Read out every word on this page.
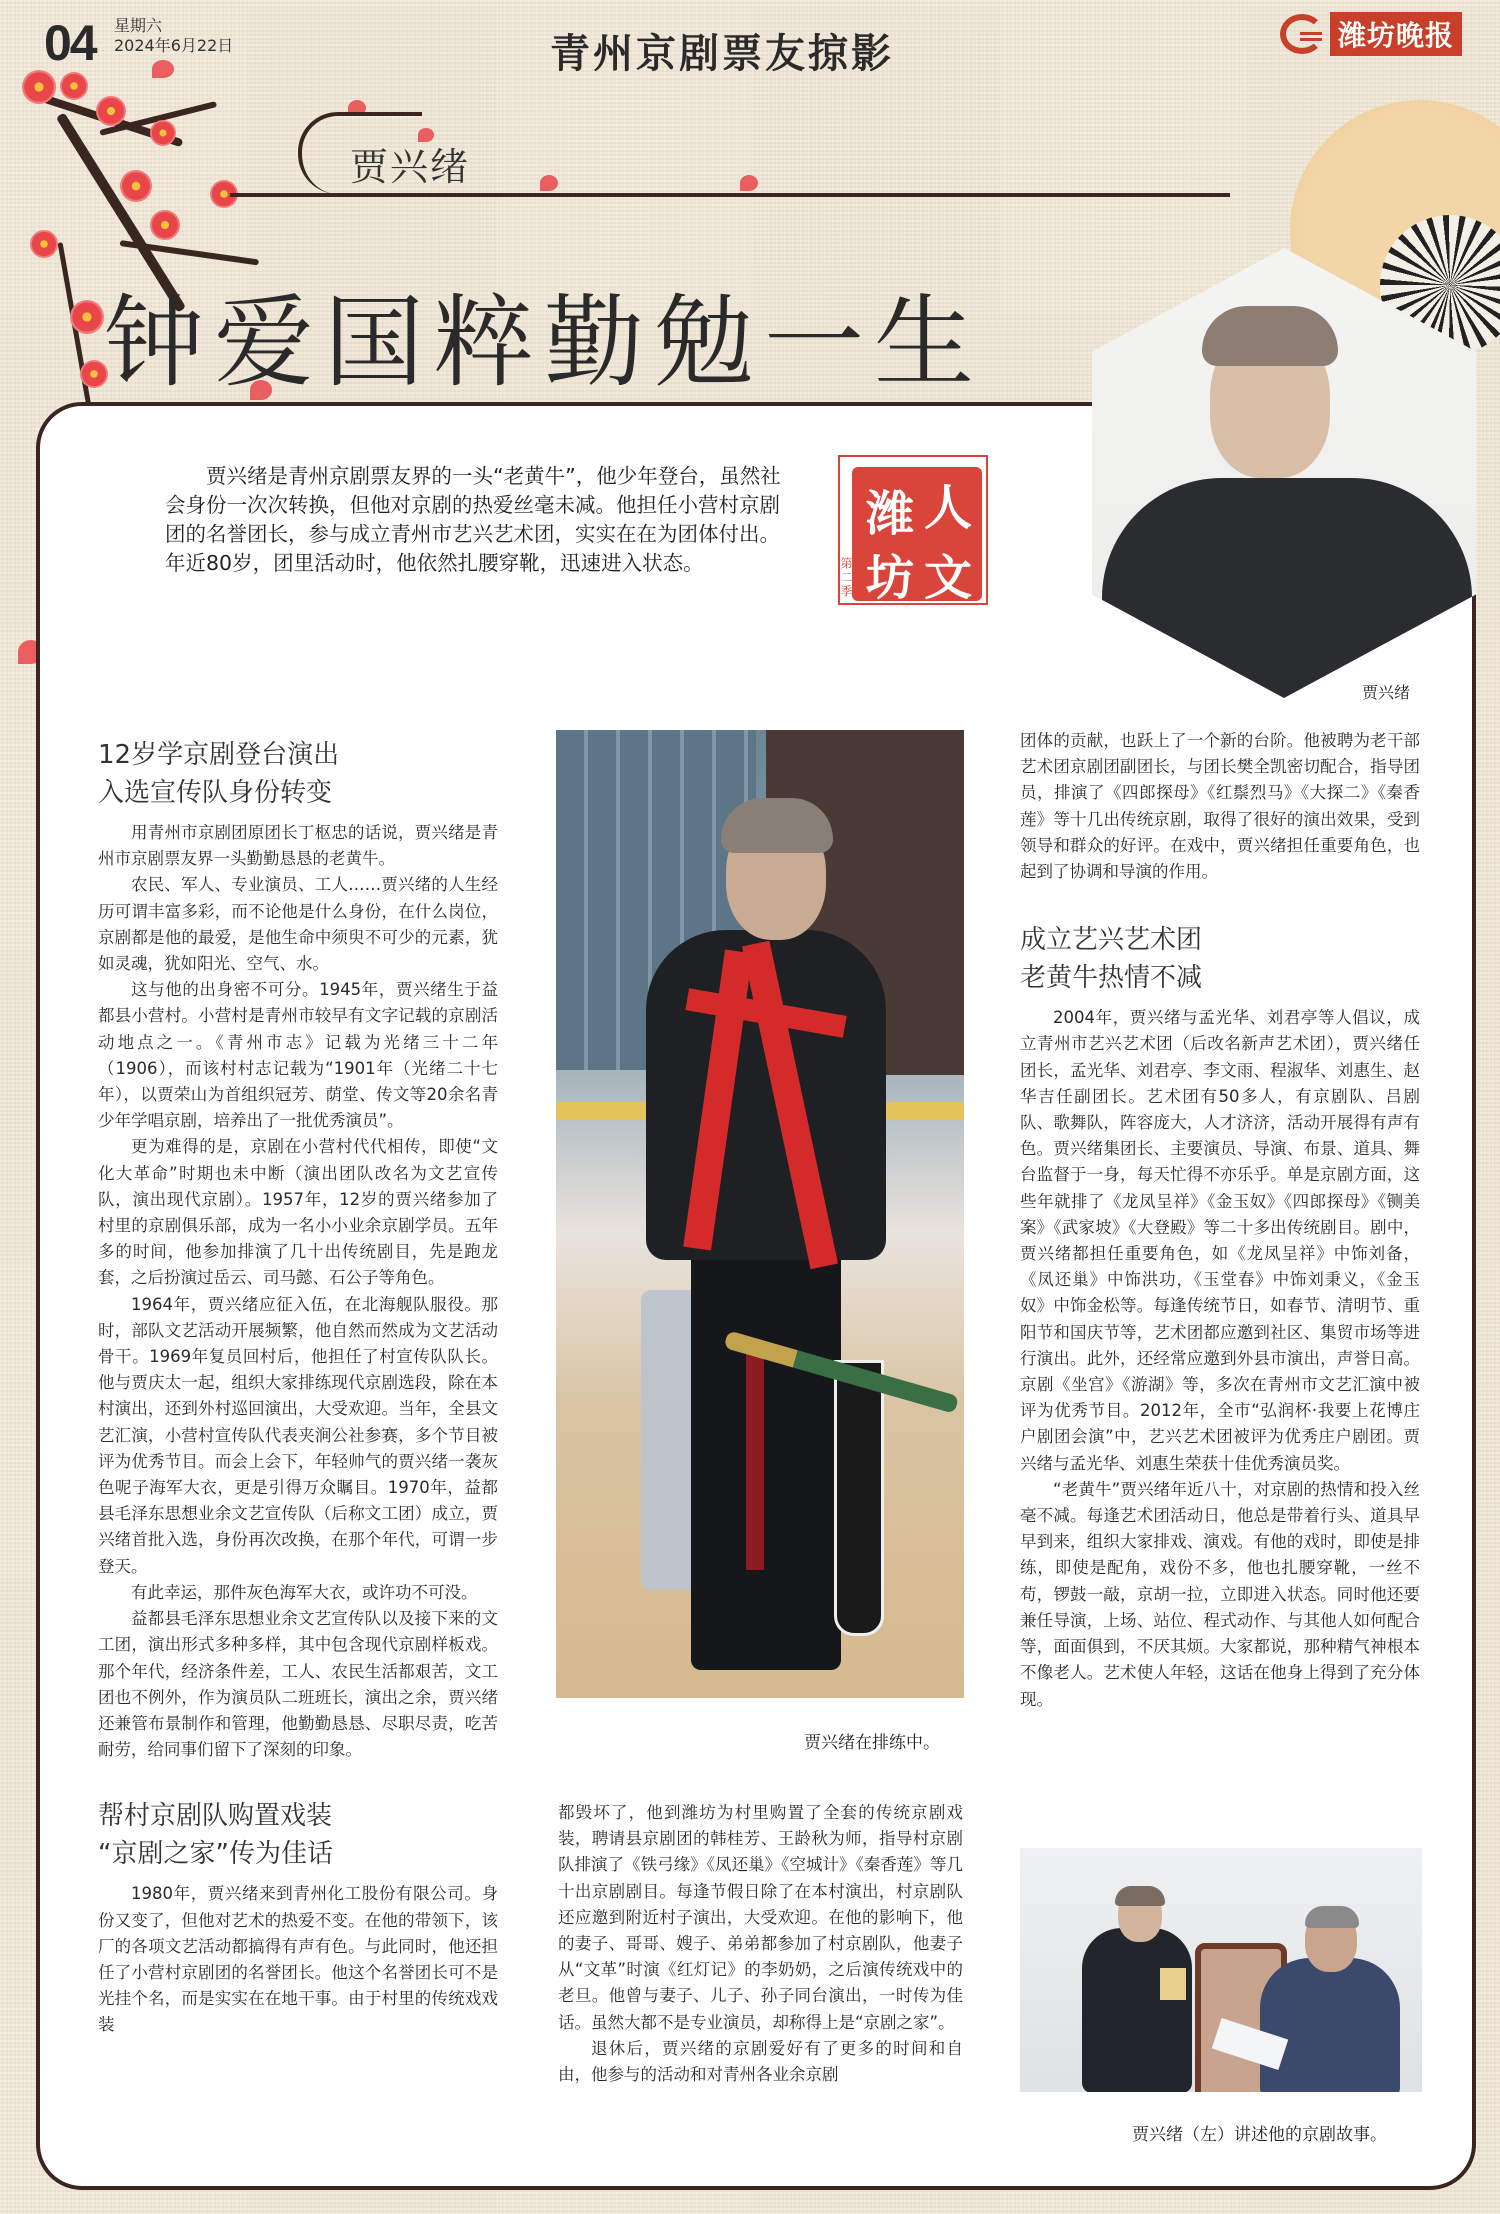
04 星期六
2024年6月22日	青州京剧票友掠影	潍坊晚报
贾兴绪
钟爱国粹勤勉一生
贾兴绪是青州京剧票友界的一头“老黄牛”，他少年登台，虽然社会身份一次次转换，但他对京剧的热爱丝毫未减。他担任小营村京剧团的名誉团长，参与成立青州市艺兴艺术团，实实在在为团体付出。年近80岁，团里活动时，他依然扎腰穿靴，迅速进入状态。
潍 人
坊 文
第二季
贾兴绪
12岁学京剧登台演出
入选宣传队身份转变

用青州市京剧团原团长丁枢忠的话说，贾兴绪是青州市京剧票友界一头勤勤恳恳的老黄牛。

农民、军人、专业演员、工人……贾兴绪的人生经历可谓丰富多彩，而不论他是什么身份，在什么岗位，京剧都是他的最爱，是他生命中须臾不可少的元素，犹如灵魂，犹如阳光、空气、水。

这与他的出身密不可分。1945年，贾兴绪生于益都县小营村。小营村是青州市较早有文字记载的京剧活动地点之一。《青州市志》记载为光绪三十二年（1906），而该村村志记载为“1901年（光绪二十七年），以贾荣山为首组织冠芳、荫堂、传文等20余名青少年学唱京剧，培养出了一批优秀演员”。

更为难得的是，京剧在小营村代代相传，即使“文化大革命”时期也未中断（演出团队改名为文艺宣传队，演出现代京剧）。1957年，12岁的贾兴绪参加了村里的京剧俱乐部，成为一名小小业余京剧学员。五年多的时间，他参加排演了几十出传统剧目，先是跑龙套，之后扮演过岳云、司马懿、石公子等角色。

1964年，贾兴绪应征入伍，在北海舰队服役。那时，部队文艺活动开展频繁，他自然而然成为文艺活动骨干。1969年复员回村后，他担任了村宣传队队长。他与贾庆太一起，组织大家排练现代京剧选段，除在本村演出，还到外村巡回演出，大受欢迎。当年，全县文艺汇演，小营村宣传队代表夹涧公社参赛，多个节目被评为优秀节目。而会上会下，年轻帅气的贾兴绪一袭灰色呢子海军大衣，更是引得万众瞩目。1970年，益都县毛泽东思想业余文艺宣传队（后称文工团）成立，贾兴绪首批入选，身份再次改换，在那个年代，可谓一步登天。

有此幸运，那件灰色海军大衣，或许功不可没。

益都县毛泽东思想业余文艺宣传队以及接下来的文工团，演出形式多种多样，其中包含现代京剧样板戏。那个年代，经济条件差，工人、农民生活都艰苦，文工团也不例外，作为演员队二班班长，演出之余，贾兴绪还兼管布景制作和管理，他勤勤恳恳、尽职尽责，吃苦耐劳，给同事们留下了深刻的印象。

帮村京剧队购置戏装
“京剧之家”传为佳话

1980年，贾兴绪来到青州化工股份有限公司。身份又变了，但他对艺术的热爱不变。在他的带领下，该厂的各项文艺活动都搞得有声有色。与此同时，他还担任了小营村京剧团的名誉团长。他这个名誉团长可不是光挂个名，而是实实在在地干事。由于村里的传统戏戏装

贾兴绪在排练中。

都毁坏了，他到潍坊为村里购置了全套的传统京剧戏装，聘请县京剧团的韩桂芳、王龄秋为师，指导村京剧队排演了《铁弓缘》《凤还巢》《空城计》《秦香莲》等几十出京剧剧目。每逢节假日除了在本村演出，村京剧队还应邀到附近村子演出，大受欢迎。在他的影响下，他的妻子、哥哥、嫂子、弟弟都参加了村京剧队，他妻子从“文革”时演《红灯记》的李奶奶，之后演传统戏中的老旦。他曾与妻子、儿子、孙子同台演出，一时传为佳话。虽然大都不是专业演员，却称得上是“京剧之家”。

退休后，贾兴绪的京剧爱好有了更多的时间和自由，他参与的活动和对青州各业余京剧

团体的贡献，也跃上了一个新的台阶。他被聘为老干部艺术团京剧团副团长，与团长樊全凯密切配合，指导团员，排演了《四郎探母》《红鬃烈马》《大探二》《秦香莲》等十几出传统京剧，取得了很好的演出效果，受到领导和群众的好评。在戏中，贾兴绪担任重要角色，也起到了协调和导演的作用。

成立艺兴艺术团
老黄牛热情不减

2004年，贾兴绪与孟光华、刘君亭等人倡议，成立青州市艺兴艺术团（后改名新声艺术团），贾兴绪任团长，孟光华、刘君亭、李文雨、程淑华、刘惠生、赵华吉任副团长。艺术团有50多人，有京剧队、吕剧队、歌舞队，阵容庞大，人才济济，活动开展得有声有色。贾兴绪集团长、主要演员、导演、布景、道具、舞台监督于一身，每天忙得不亦乐乎。单是京剧方面，这些年就排了《龙凤呈祥》《金玉奴》《四郎探母》《铡美案》《武家坡》《大登殿》等二十多出传统剧目。剧中，贾兴绪都担任重要角色，如《龙凤呈祥》中饰刘备，《凤还巢》中饰洪功，《玉堂春》中饰刘秉义，《金玉奴》中饰金松等。每逢传统节日，如春节、清明节、重阳节和国庆节等，艺术团都应邀到社区、集贸市场等进行演出。此外，还经常应邀到外县市演出，声誉日高。京剧《坐宫》《游湖》等，多次在青州市文艺汇演中被评为优秀节目。2012年，全市“弘润杯·我要上花博庄户剧团会演”中，艺兴艺术团被评为优秀庄户剧团。贾兴绪与孟光华、刘惠生荣获十佳优秀演员奖。

“老黄牛”贾兴绪年近八十，对京剧的热情和投入丝毫不减。每逢艺术团活动日，他总是带着行头、道具早早到来，组织大家排戏、演戏。有他的戏时，即使是排练，即使是配角，戏份不多，他也扎腰穿靴，一丝不苟，锣鼓一敲，京胡一拉，立即进入状态。同时他还要兼任导演，上场、站位、程式动作、与其他人如何配合等，面面俱到，不厌其烦。大家都说，那种精气神根本不像老人。艺术使人年轻，这话在他身上得到了充分体现。

贾兴绪（左）讲述他的京剧故事。
